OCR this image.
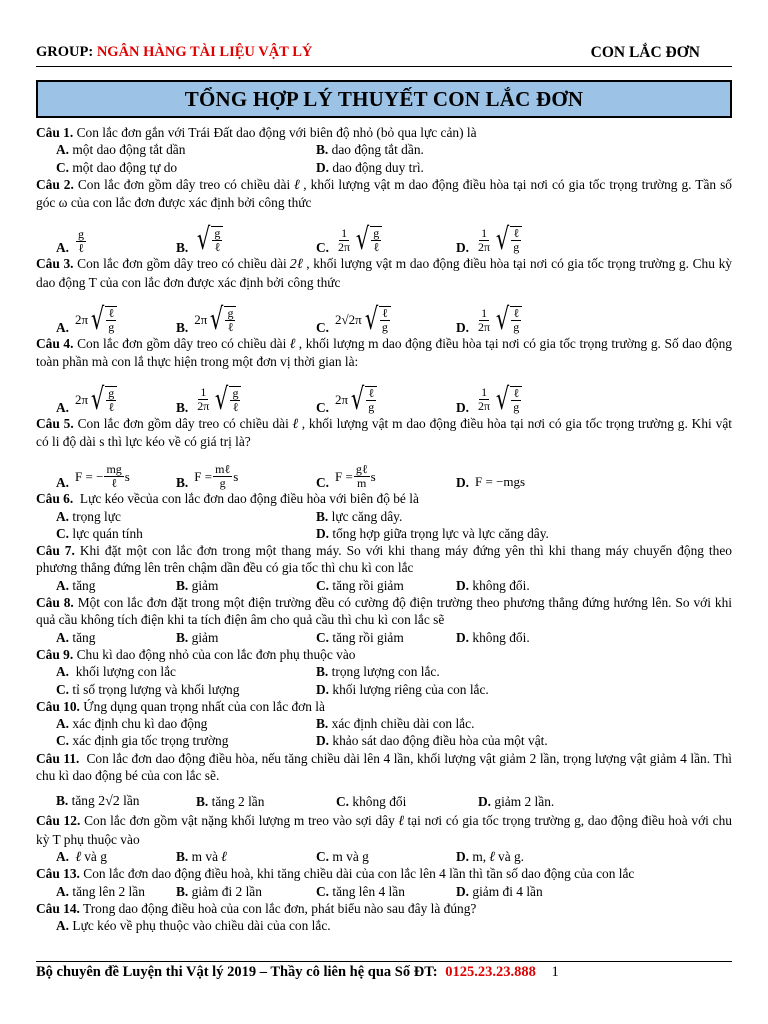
GROUP: NGÂN HÀNG TÀI LIỆU VẬT LÝ	CON LẮC ĐƠN
TỔNG HỢP LÝ THUYẾT CON LẮC ĐƠN

Câu 1. Con lắc đơn gắn với Trái Đất dao động với biên độ nhỏ (bỏ qua lực cản) là

A. một dao động tắt dần	B. dao động tắt dần.
C. một dao động tự do	D. dao động duy trì.

Câu 2. Con lắc đơn gồm dây treo có chiều dài ℓ , khối lượng vật m dao động điều hòa tại nơi có gia tốc trọng trường g. Tần số góc ω của con lắc đơn được xác định bởi công thức

A. $\frac{g}{\text{ℓ}}$	B. √ $\frac{g}{\text{ℓ}}$	C. $\frac{1}{2\pi}$ √ $\frac{g}{\text{ℓ}}$	D. $\frac{1}{2\pi}$ √ $\frac{\text{ℓ}}{g}$

Câu 3. Con lắc đơn gồm dây treo có chiều dài 2ℓ , khối lượng vật m dao động điều hòa tại nơi có gia tốc trọng trường g. Chu kỳ dao động T của con lắc đơn được xác định bởi công thức

A.
2π √ $\frac{\text{ℓ}}{g}$	B.
2π √ $\frac{g}{\text{ℓ}}$	C.
2√2π √ $\frac{\text{ℓ}}{g}$	D. $\frac{1}{2\pi}$ √ $\frac{\text{ℓ}}{g}$

Câu 4. Con lắc đơn gồm dây treo có chiều dài ℓ , khối lượng m dao động điều hòa tại nơi có gia tốc trọng trường g. Số dao động toàn phần mà con lắ thực hiện trong một đơn vị thời gian là:

A.
2π √ $\frac{g}{\text{ℓ}}$	B. $\frac{1}{2\pi}$ √ $\frac{g}{\text{ℓ}}$	C.
2π √ $\frac{\text{ℓ}}{g}$	D. $\frac{1}{2\pi}$ √ $\frac{\text{ℓ}}{g}$

Câu 5. Con lắc đơn gồm dây treo có chiều dài ℓ , khối lượng vật m dao động điều hòa tại nơi có gia tốc trọng trường g. Khi vật có li độ dài s thì lực kéo về có giá trị là?

A. F = − $\frac{mg}{\text{ℓ}}$ s	B. $F = \frac{\text{mℓ}}{g}$ s	C. $F = \frac{\text{gℓ}}{m}$ s	D. F = −mgs

Câu 6. Lực kéo vềcủa con lắc đơn dao động điều hòa với biên độ bé là

A. trọng lực	B. lực căng dây.
C. lực quán tính	D. tổng hợp giữa trọng lực và lực căng dây.

Câu 7. Khi đặt một con lắc đơn trong một thang máy. So với khi thang máy đứng yên thì khi thang máy chuyển động theo phương thẳng đứng lên trên chậm dần đều có gia tốc thì chu kì con lắc

A. tăng	B. giảm	C. tăng rồi giảm	D. không đổi.

Câu 8. Một con lắc đơn đặt trong một điện trường đều có cường độ điện trường theo phương thẳng đứng hướng lên. So với khi quả cầu không tích điện khi ta tích điện âm cho quả cầu thì chu kì con lắc sẽ

A. tăng	B. giảm	C. tăng rồi giảm	D. không đổi.

Câu 9. Chu kì dao động nhỏ của con lắc đơn phụ thuộc vào

A. khối lượng con lắc	B. trọng lượng con lắc.
C. tỉ số trọng lượng và khối lượng	D. khối lượng riêng của con lắc.

Câu 10. Ứng dụng quan trọng nhất của con lắc đơn là

A. xác định chu kì dao động	B. xác định chiều dài con lắc.
C. xác định gia tốc trọng trường	D. khảo sát dao động điều hòa của một vật.

Câu 11. Con lắc đơn dao động điều hòa, nếu tăng chiều dài lên 4 lần, khối lượng vật giảm 2 lần, trọng lượng vật giảm 4 lần. Thì chu kì dao động bé của con lắc sẽ.

B. tăng 2√2 lần	B. tăng 2 lần	C. không đổi	D. giảm 2 lần.

Câu 12. Con lắc đơn gồm vật nặng khối lượng m treo vào sợi dây ℓ tại nơi có gia tốc trọng trường g, dao động điều hoà với chu kỳ T phụ thuộc vào

A. ℓ và g	B. m và ℓ	C. m và g	D. m, ℓ và g.

Câu 13. Con lắc đơn dao động điều hoà, khi tăng chiều dài của con lắc lên 4 lần thì tần số dao động của con lắc

A. tăng lên 2 lần	B. giảm đi 2 lần	C. tăng lên 4 lần	D. giảm đi 4 lần

Câu 14. Trong dao động điều hoà của con lắc đơn, phát biểu nào sau đây là đúng?

A. Lực kéo về phụ thuộc vào chiều dài của con lắc.
Bộ chuyên đề Luyện thi Vật lý 2019 – Thầy cô liên hệ qua Số ĐT: 0125.23.23.888 1
